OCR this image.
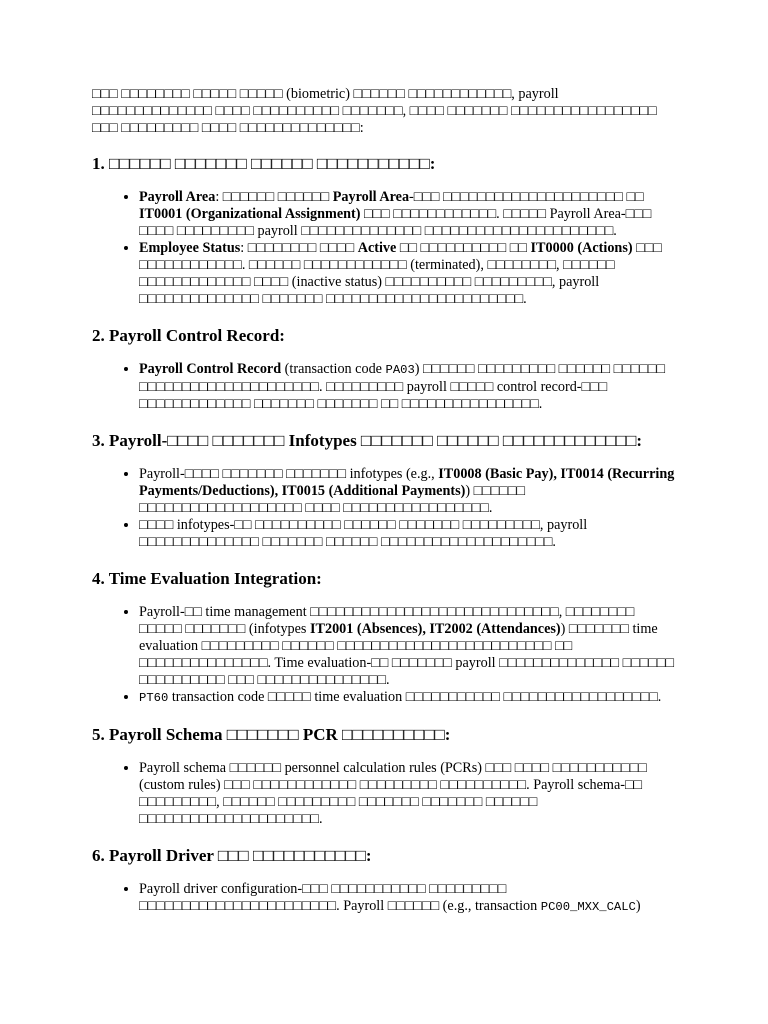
□□□ □□□□□□□□ □□□□□ □□□□□ (biometric) □□□□□□ □□□□□□□□□□□□, payroll □□□□□□□□□□□□□□ □□□□ □□□□□□□□□□ □□□□□□□, □□□□ □□□□□□□ □□□□□□□□□□□□□□□□□ □□□ □□□□□□□□□ □□□□ □□□□□□□□□□□□□□:

1. □□□□□□ □□□□□□□ □□□□□□ □□□□□□□□□□□:
• Payroll Area: □□□□□□ □□□□□□ Payroll Area-□□□ □□□□□□□□□□□□□□□□□□□□□ □□ IT0001 (Organizational Assignment) □□□ □□□□□□□□□□□□. □□□□□ Payroll Area-□□□ □□□□ □□□□□□□□□ payroll □□□□□□□□□□□□□□ □□□□□□□□□□□□□□□□□□□□□□.
• Employee Status: □□□□□□□□ □□□□ Active □□ □□□□□□□□□□ □□ IT0000 (Actions) □□□ □□□□□□□□□□□□. □□□□□□ □□□□□□□□□□□□ (terminated), □□□□□□□□, □□□□□□ □□□□□□□□□□□□□ □□□□ (inactive status) □□□□□□□□□□ □□□□□□□□□, payroll □□□□□□□□□□□□□□ □□□□□□□ □□□□□□□□□□□□□□□□□□□□□□□.
2. Payroll Control Record:
• Payroll Control Record (transaction code PA03) □□□□□□ □□□□□□□□□ □□□□□□ □□□□□□ □□□□□□□□□□□□□□□□□□□□□. □□□□□□□□□ payroll □□□□□ control record-□□□ □□□□□□□□□□□□□ □□□□□□□ □□□□□□□ □□ □□□□□□□□□□□□□□□□.
3. Payroll-□□□□ □□□□□□□ Infotypes □□□□□□□ □□□□□□ □□□□□□□□□□□□□:
• Payroll-□□□□ □□□□□□□ □□□□□□□ infotypes (e.g., IT0008 (Basic Pay), IT0014 (Recurring Payments/Deductions), IT0015 (Additional Payments)) □□□□□□ □□□□□□□□□□□□□□□□□□□ □□□□ □□□□□□□□□□□□□□□□□.
• □□□□ infotypes-□□ □□□□□□□□□□ □□□□□□ □□□□□□□ □□□□□□□□□, payroll □□□□□□□□□□□□□□ □□□□□□□ □□□□□□ □□□□□□□□□□□□□□□□□□□□.
4. Time Evaluation Integration:
• Payroll-□□ time management □□□□□□□□□□□□□□□□□□□□□□□□□□□□□, □□□□□□□□ □□□□□ □□□□□□□ (infotypes IT2001 (Absences), IT2002 (Attendances)) □□□□□□□ time evaluation □□□□□□□□□ □□□□□□ □□□□□□□□□□□□□□□□□□□□□□□□□ □□ □□□□□□□□□□□□□□□. Time evaluation-□□ □□□□□□□ payroll □□□□□□□□□□□□□□ □□□□□□ □□□□□□□□□□ □□□ □□□□□□□□□□□□□□□.
• PT60 transaction code □□□□□ time evaluation □□□□□□□□□□□ □□□□□□□□□□□□□□□□□□.
5. Payroll Schema □□□□□□□ PCR □□□□□□□□□□:
• Payroll schema □□□□□□ personnel calculation rules (PCRs) □□□ □□□□ □□□□□□□□□□□ (custom rules) □□□ □□□□□□□□□□□□ □□□□□□□□□ □□□□□□□□□□. Payroll schema-□□ □□□□□□□□□, □□□□□□ □□□□□□□□□ □□□□□□□ □□□□□□□ □□□□□□ □□□□□□□□□□□□□□□□□□□□□.
6. Payroll Driver □□□ □□□□□□□□□□□:
• Payroll driver configuration-□□□ □□□□□□□□□□□ □□□□□□□□□ □□□□□□□□□□□□□□□□□□□□□□□. Payroll □□□□□□ (e.g., transaction PC00_MXX_CALC)
